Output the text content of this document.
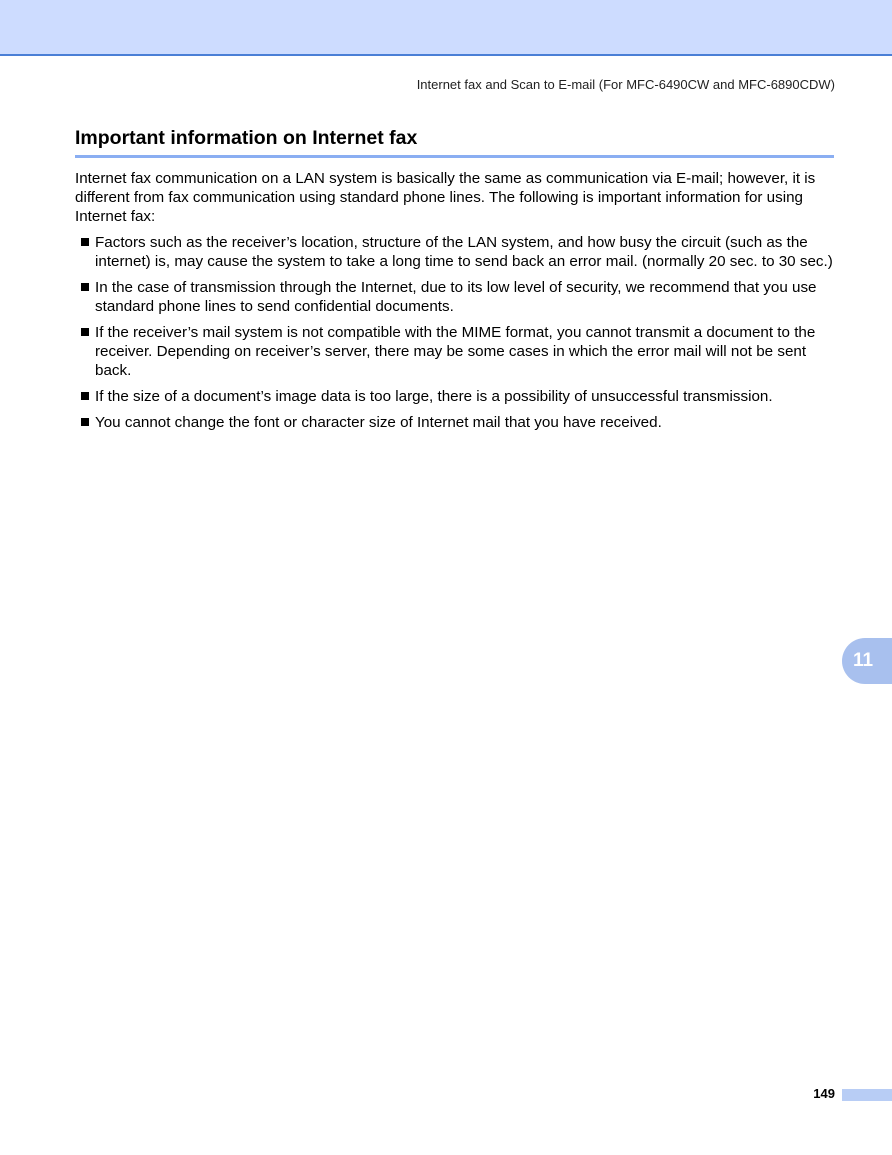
Internet fax and Scan to E-mail (For MFC-6490CW and MFC-6890CDW)
Important information on Internet fax

Internet fax communication on a LAN system is basically the same as communication via E-mail; however, it is different from fax communication using standard phone lines. The following is important information for using Internet fax:

Factors such as the receiver’s location, structure of the LAN system, and how busy the circuit (such as the internet) is, may cause the system to take a long time to send back an error mail. (normally 20 sec. to 30 sec.)
In the case of transmission through the Internet, due to its low level of security, we recommend that you use standard phone lines to send confidential documents.
If the receiver’s mail system is not compatible with the MIME format, you cannot transmit a document to the receiver. Depending on receiver’s server, there may be some cases in which the error mail will not be sent back.
If the size of a document’s image data is too large, there is a possibility of unsuccessful transmission.
You cannot change the font or character size of Internet mail that you have received.
11
149
